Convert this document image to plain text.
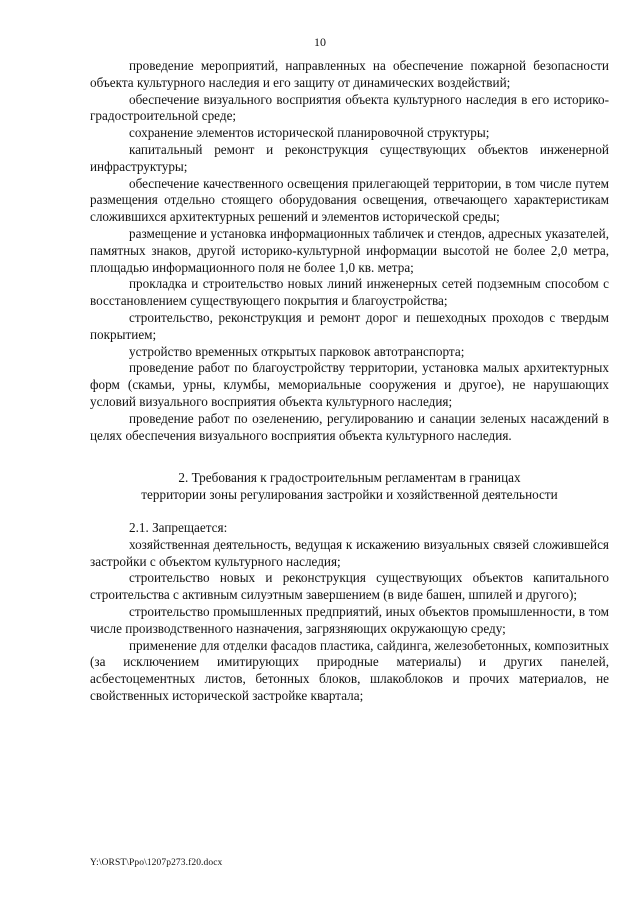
10

проведение мероприятий, направленных на обеспечение пожарной безопасности объекта культурного наследия и его защиту от динамических воздействий;

обеспечение визуального восприятия объекта культурного наследия в его историко-градостроительной среде;

сохранение элементов исторической планировочной структуры;

капитальный ремонт и реконструкция существующих объектов инженерной инфраструктуры;

обеспечение качественного освещения прилегающей территории, в том числе путем размещения отдельно стоящего оборудования освещения, отвечающего характеристикам сложившихся архитектурных решений и элементов исторической среды;

размещение и установка информационных табличек и стендов, адресных указателей, памятных знаков, другой историко-культурной информации высотой не более 2,0 метра, площадью информационного поля не более 1,0 кв. метра;

прокладка и строительство новых линий инженерных сетей подземным способом с восстановлением существующего покрытия и благоустройства;

строительство, реконструкция и ремонт дорог и пешеходных проходов с твердым покрытием;

устройство временных открытых парковок автотранспорта;

проведение работ по благоустройству территории, установка малых архитектурных форм (скамьи, урны, клумбы, мемориальные сооружения и другое), не нарушающих условий визуального восприятия объекта культурного наследия;

проведение работ по озеленению, регулированию и санации зеленых насаждений в целях обеспечения визуального восприятия объекта культурного наследия.

2. Требования к градостроительным регламентам в границах
территории зоны регулирования застройки и хозяйственной деятельности

2.1. Запрещается:

хозяйственная деятельность, ведущая к искажению визуальных связей сложившейся застройки с объектом культурного наследия;

строительство новых и реконструкция существующих объектов капитального строительства с активным силуэтным завершением (в виде башен, шпилей и другого);

строительство промышленных предприятий, иных объектов промышленности, в том числе производственного назначения, загрязняющих окружающую среду;

применение для отделки фасадов пластика, сайдинга, железобетонных, композитных (за исключением имитирующих природные материалы) и других панелей, асбестоцементных листов, бетонных блоков, шлакоблоков и прочих материалов, не свойственных исторической застройке квартала;

Y:\ORST\Ppo\1207p273.f20.docx
